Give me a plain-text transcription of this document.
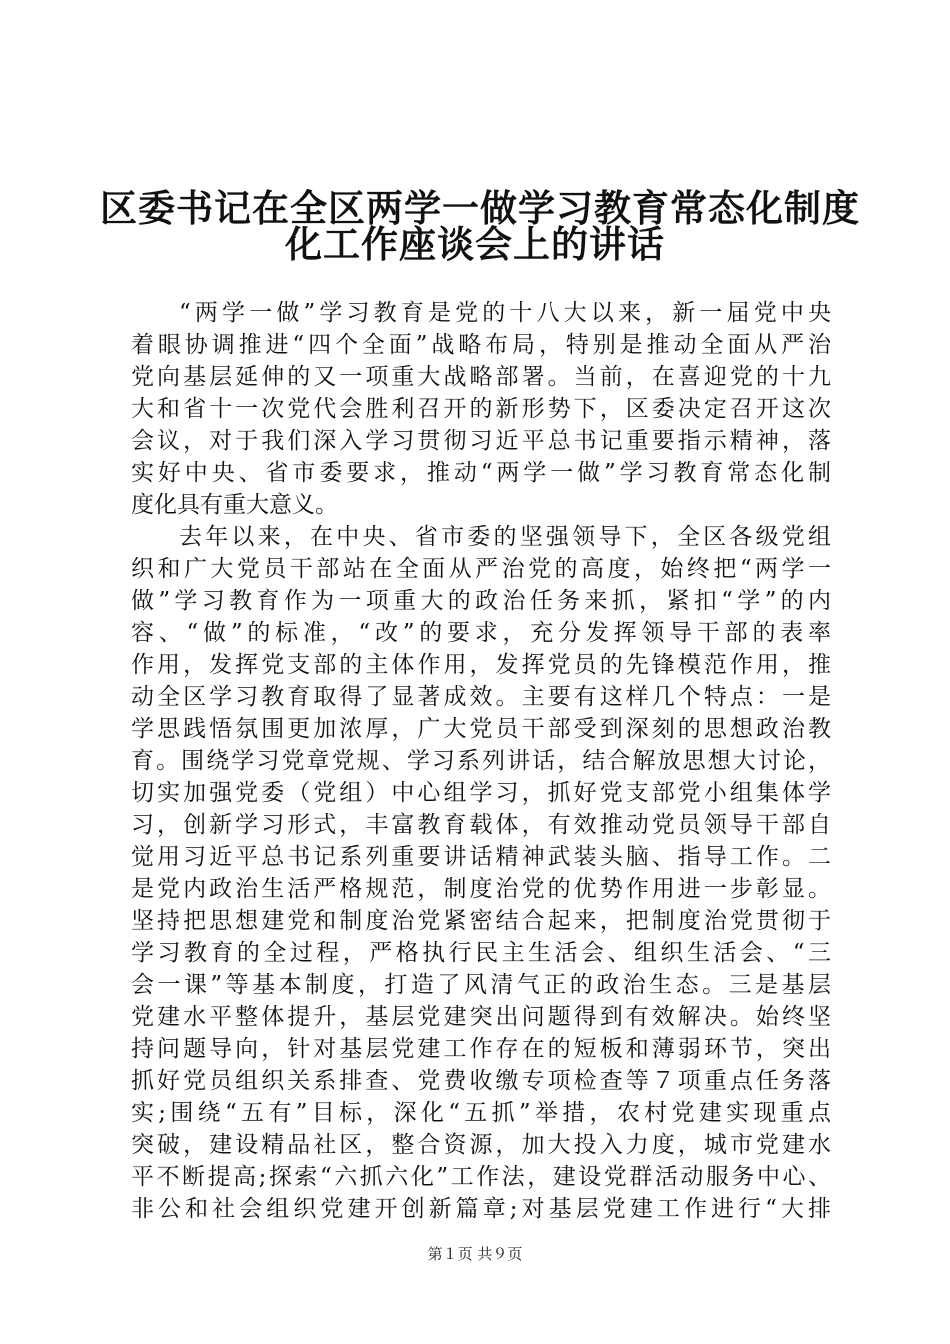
区委书记在全区两学一做学习教育常态化制度
化工作座谈会上的讲话
“两学一做”学习教育是党的十八大以来，新一届党中央
着眼协调推进“四个全面”战略布局，特别是推动全面从严治
党向基层延伸的又一项重大战略部署。当前，在喜迎党的十九
大和省十一次党代会胜利召开的新形势下，区委决定召开这次
会议，对于我们深入学习贯彻习近平总书记重要指示精神，落
实好中央、省市委要求，推动“两学一做”学习教育常态化制
度化具有重大意义。
去年以来，在中央、省市委的坚强领导下，全区各级党组
织和广大党员干部站在全面从严治党的高度，始终把“两学一
做”学习教育作为一项重大的政治任务来抓，紧扣“学”的内
容、“做”的标准，“改”的要求，充分发挥领导干部的表率
作用，发挥党支部的主体作用，发挥党员的先锋模范作用，推
动全区学习教育取得了显著成效。主要有这样几个特点：一是
学思践悟氛围更加浓厚，广大党员干部受到深刻的思想政治教
育。围绕学习党章党规、学习系列讲话，结合解放思想大讨论，
切实加强党委（党组）中心组学习，抓好党支部党小组集体学
习，创新学习形式，丰富教育载体，有效推动党员领导干部自
觉用习近平总书记系列重要讲话精神武装头脑、指导工作。二
是党内政治生活严格规范，制度治党的优势作用进一步彰显。
坚持把思想建党和制度治党紧密结合起来，把制度治党贯彻于
学习教育的全过程，严格执行民主生活会、组织生活会、“三
会一课”等基本制度，打造了风清气正的政治生态。三是基层
党建水平整体提升，基层党建突出问题得到有效解决。始终坚
持问题导向，针对基层党建工作存在的短板和薄弱环节，突出
抓好党员组织关系排查、党费收缴专项检查等７项重点任务落
实;围绕“五有”目标，深化“五抓”举措，农村党建实现重点
突破，建设精品社区，整合资源，加大投入力度，城市党建水
平不断提高;探索“六抓六化”工作法，建设党群活动服务中心、
非公和社会组织党建开创新篇章;对基层党建工作进行“大排
第１页 共９页
